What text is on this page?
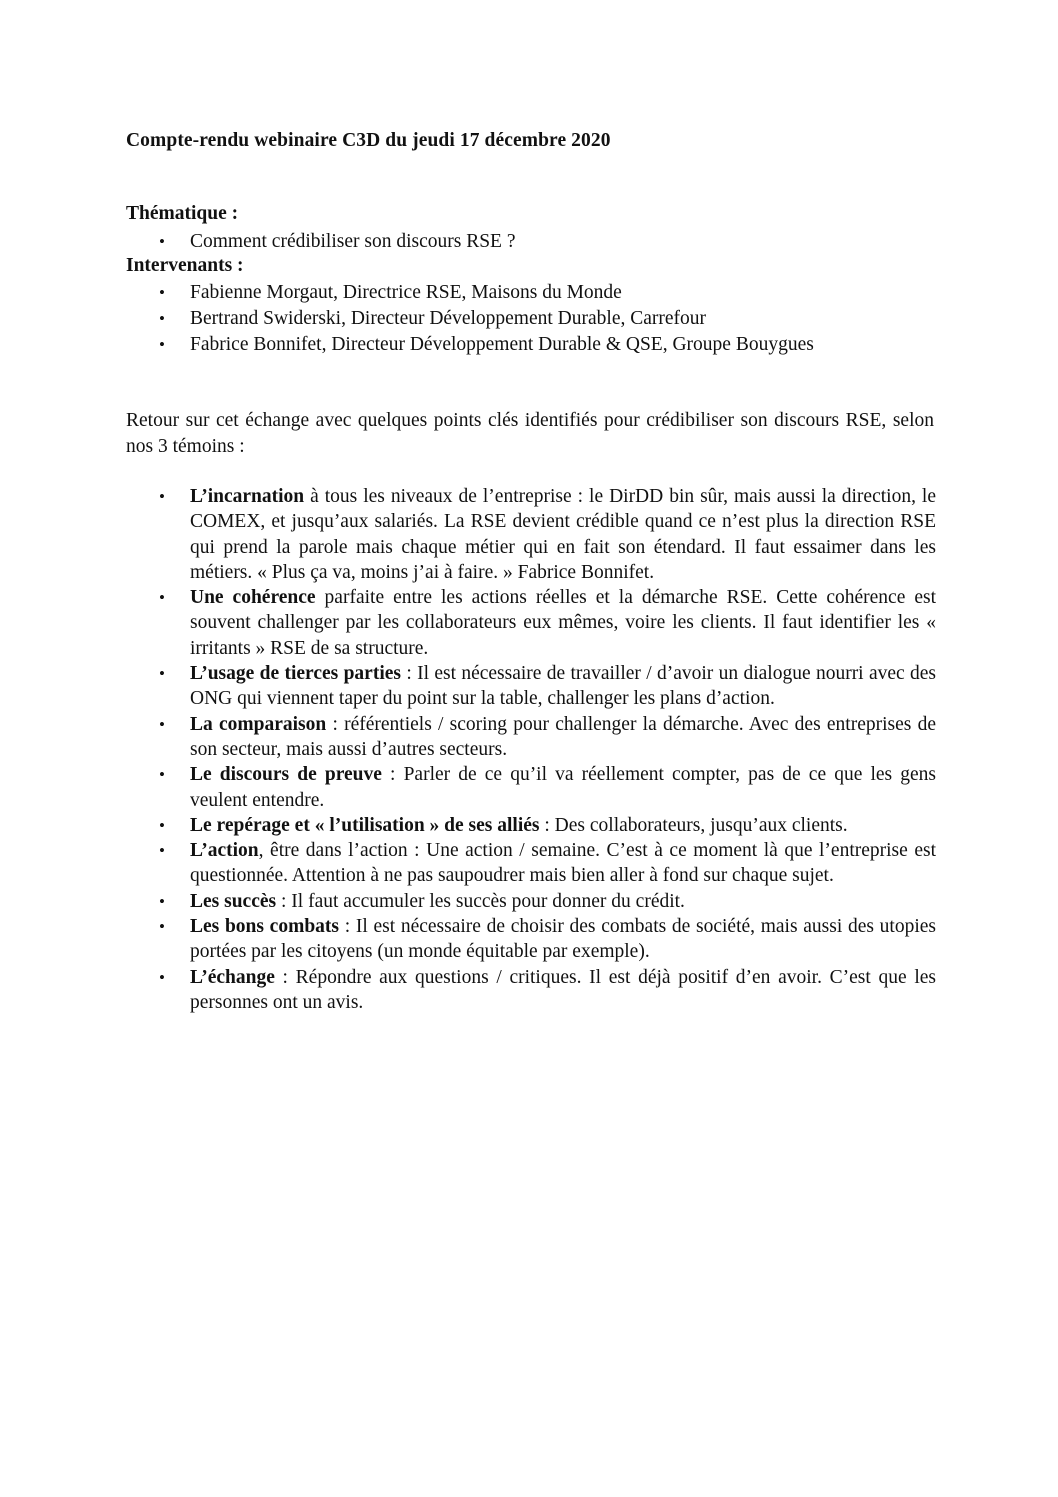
Compte-rendu webinaire C3D du jeudi 17 décembre 2020
Thématique :
• Comment crédibiliser son discours RSE ?
Intervenants :
• Fabienne Morgaut, Directrice RSE, Maisons du Monde
• Bertrand Swiderski, Directeur Développement Durable, Carrefour
• Fabrice Bonnifet, Directeur Développement Durable & QSE, Groupe Bouygues

Retour sur cet échange avec quelques points clés identifiés pour crédibiliser son discours RSE, selon nos 3 témoins :

• L’incarnation à tous les niveaux de l’entreprise : le DirDD bin sûr, mais aussi la direction, le COMEX, et jusqu’aux salariés. La RSE devient crédible quand ce n’est plus la direction RSE qui prend la parole mais chaque métier qui en fait son étendard. Il faut essaimer dans les métiers. « Plus ça va, moins j’ai à faire. » Fabrice Bonnifet.
• Une cohérence parfaite entre les actions réelles et la démarche RSE. Cette cohérence est souvent challenger par les collaborateurs eux mêmes, voire les clients. Il faut identifier les « irritants » RSE de sa structure.
• L’usage de tierces parties : Il est nécessaire de travailler / d’avoir un dialogue nourri avec des ONG qui viennent taper du point sur la table, challenger les plans d’action.
• La comparaison : référentiels / scoring pour challenger la démarche. Avec des entreprises de son secteur, mais aussi d’autres secteurs.
• Le discours de preuve : Parler de ce qu’il va réellement compter, pas de ce que les gens veulent entendre.
• Le repérage et « l’utilisation » de ses alliés : Des collaborateurs, jusqu’aux clients.
• L’action, être dans l’action : Une action / semaine. C’est à ce moment là que l’entreprise est questionnée. Attention à ne pas saupoudrer mais bien aller à fond sur chaque sujet.
• Les succès : Il faut accumuler les succès pour donner du crédit.
• Les bons combats : Il est nécessaire de choisir des combats de société, mais aussi des utopies portées par les citoyens (un monde équitable par exemple).
• L’échange : Répondre aux questions / critiques. Il est déjà positif d’en avoir. C’est que les personnes ont un avis.
